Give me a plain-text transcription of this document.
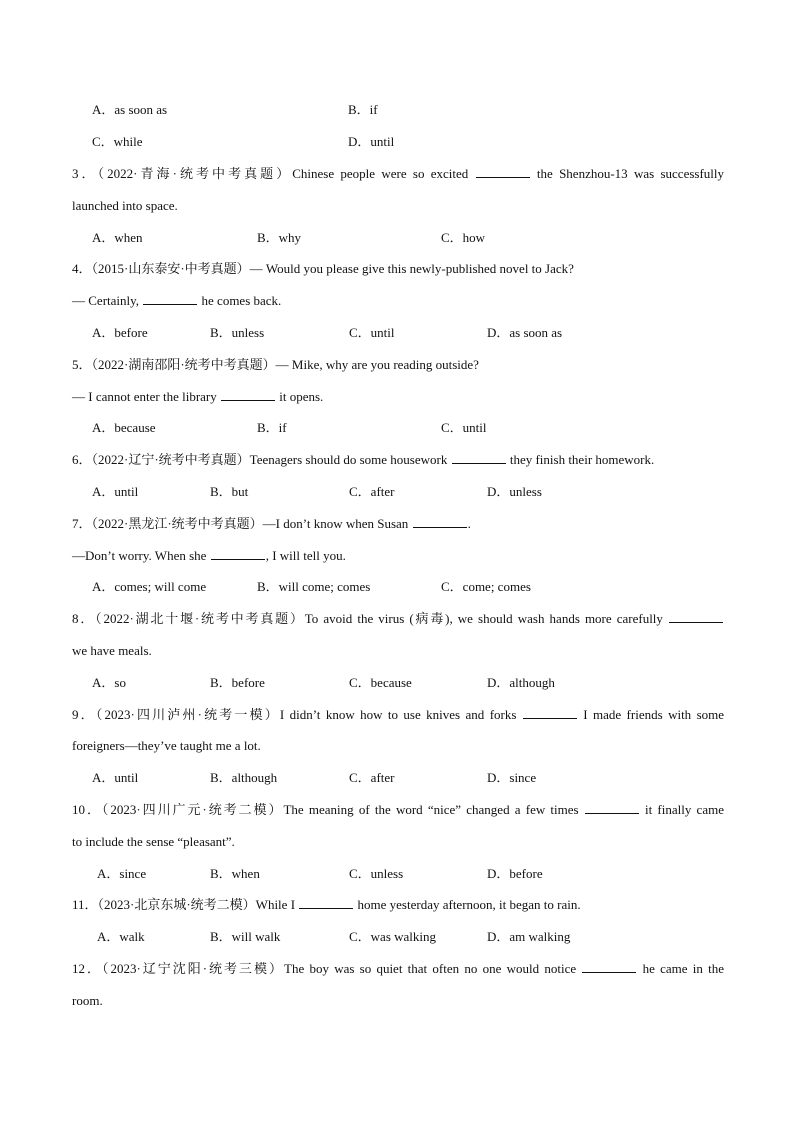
A．as soon as	B．if
C．while	D．until
3．（2022·青海·统考中考真题）Chinese people were so excited	the Shenzhou-13 was successfully
launched into space.
A．when	B．why	C．how
4．（2015·山东泰安·中考真题）— Would you please give this newly-published novel to Jack?
— Certainly,	he comes back.
A．before	B．unless	C．until	D．as soon as
5．（2022·湖南邵阳·统考中考真题）— Mike, why are you reading outside?
— I cannot enter the library	it opens.
A．because	B．if	C．until
6．（2022·辽宁·统考中考真题）Teenagers should do some housework	they finish their homework.
A．until	B．but	C．after	D．unless
7．（2022·黑龙江·统考中考真题）—I don’t know when Susan	.
—Don’t worry. When she	, I will tell you.
A．comes; will come	B．will come; comes	C．come; comes
8．（2022·湖北十堰·统考中考真题）To avoid the virus (病毒), we should wash hands more carefully
we have meals.
A．so	B．before	C．because	D．although
9．（2023·四川泸州·统考一模）I didn’t know how to use knives and forks	I made friends with some
foreigners—they’ve taught me a lot.
A．until	B．although	C．after	D．since
10．（2023·四川广元·统考二模）The meaning of the word “nice” changed a few times	it finally came
to include the sense “pleasant”.
A．since	B．when	C．unless	D．before
11．（2023·北京东城·统考二模）While I	home yesterday afternoon, it began to rain.
A．walk	B．will walk	C．was walking	D．am walking
12．（2023·辽宁沈阳·统考三模）The boy was so quiet that often no one would notice	he came in the
room.
